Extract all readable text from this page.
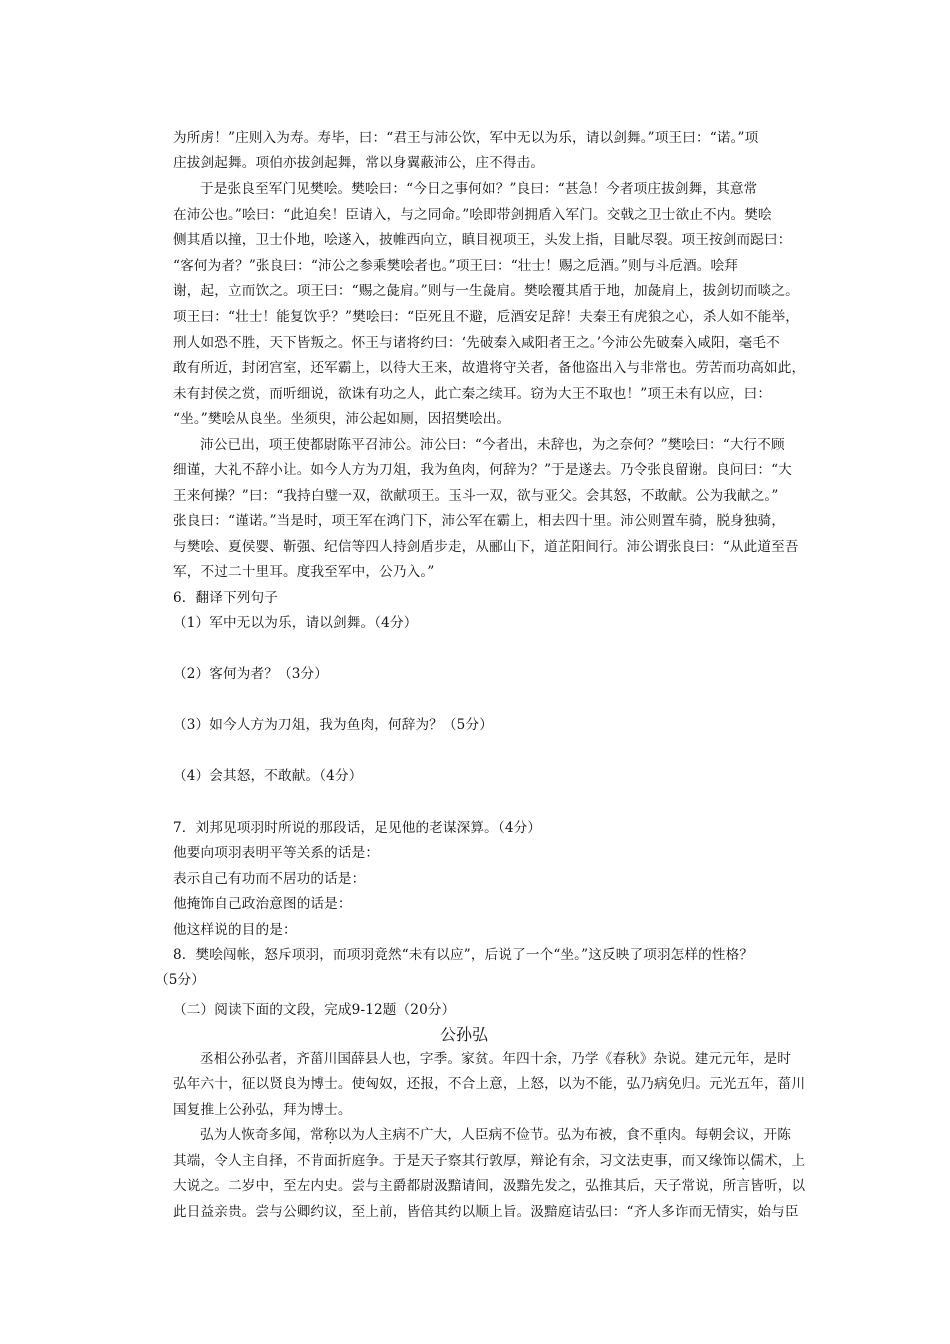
为所虏！”庄则入为寿。寿毕，曰：“君王与沛公饮，军中无以为乐，请以剑舞。”项王曰：“诺。”项
庄拔剑起舞。项伯亦拔剑起舞，常以身翼蔽沛公，庄不得击。
于是张良至军门见樊哙。樊哙曰：“今日之事何如？”良曰：“甚急！今者项庄拔剑舞，其意常
在沛公也。”哙曰：“此迫矣！臣请入，与之同命。”哙即带剑拥盾入军门。交戟之卫士欲止不内。樊哙
侧其盾以撞，卫士仆地，哙遂入，披帷西向立，瞋目视项王，头发上指，目眦尽裂。项王按剑而跽曰：
“客何为者？”张良曰：“沛公之参乘樊哙者也。”项王曰：“壮士！赐之卮酒。”则与斗卮酒。哙拜
谢，起，立而饮之。项王曰：“赐之彘肩。”则与一生彘肩。樊哙覆其盾于地，加彘肩上，拔剑切而啖之。
项王曰：“壮士！能复饮乎？”樊哙曰：“臣死且不避，卮酒安足辞！夫秦王有虎狼之心，杀人如不能举，
刑人如恐不胜，天下皆叛之。怀王与诸将约曰：‘先破秦入咸阳者王之。’今沛公先破秦入咸阳，毫毛不
敢有所近，封闭宫室，还军霸上，以待大王来，故遣将守关者，备他盗出入与非常也。劳苦而功高如此，
未有封侯之赏，而听细说，欲诛有功之人，此亡秦之续耳。窃为大王不取也！”项王未有以应，曰：
“坐。”樊哙从良坐。坐须臾，沛公起如厕，因招樊哙出。
沛公已出，项王使都尉陈平召沛公。沛公曰：“今者出，未辞也，为之奈何？”樊哙曰：“大行不顾
细谨，大礼不辞小让。如今人方为刀俎，我为鱼肉，何辞为？”于是遂去。乃令张良留谢。良问曰：“大
王来何操？”曰：“我持白璧一双，欲献项王。玉斗一双，欲与亚父。会其怒，不敢献。公为我献之。”
张良曰：“谨诺。”当是时，项王军在鸿门下，沛公军在霸上，相去四十里。沛公则置车骑，脱身独骑，
与樊哙、夏侯婴、靳强、纪信等四人持剑盾步走，从郦山下，道芷阳间行。沛公谓张良曰：“从此道至吾
军，不过二十里耳。度我至军中，公乃入。”
6．翻译下列句子
（1）军中无以为乐，请以剑舞。（4分）
（2）客何为者？（3分）
（3）如今人方为刀俎，我为鱼肉，何辞为？（5分）
（4）会其怒，不敢献。（4分）
7．刘邦见项羽时所说的那段话，足见他的老谋深算。（4分）
他要向项羽表明平等关系的话是：
表示自己有功而不居功的话是：
他掩饰自己政治意图的话是：
他这样说的目的是：
8．樊哙闯帐，怒斥项羽，而项羽竟然“未有以应”，后说了一个“坐。”这反映了项羽怎样的性格？
（5分）
（二）阅读下面的文段，完成9-12题（20分）
公孙弘
丞相公孙弘者，齐菑川国薛县人也，字季。家贫。年四十余，乃学《春秋》杂说。建元元年，是时
弘年六十，征以贤良为博士。使匈奴，还报，不合上意，上怒，以为不能，弘乃病免归。元光五年，菑川
国复推上公孙弘，拜为博士。
弘为人恢奇多闻，常称以为人主病不广大，人臣病不俭节。弘为布被，食不重肉。每朝会议，开陈
其端，令人主自择，不肯面折庭争。于是天子察其行敦厚，辩论有余，习文法吏事，而又缘饰以儒术，上
大说之。二岁中，至左内史。尝与主爵都尉汲黯请间，汲黯先发之，弘推其后，天子常说，所言皆听，以
此日益亲贵。尝与公卿约议，至上前，皆倍其约以顺上旨。汲黯庭诘弘曰：“齐人多诈而无情实，始与臣
